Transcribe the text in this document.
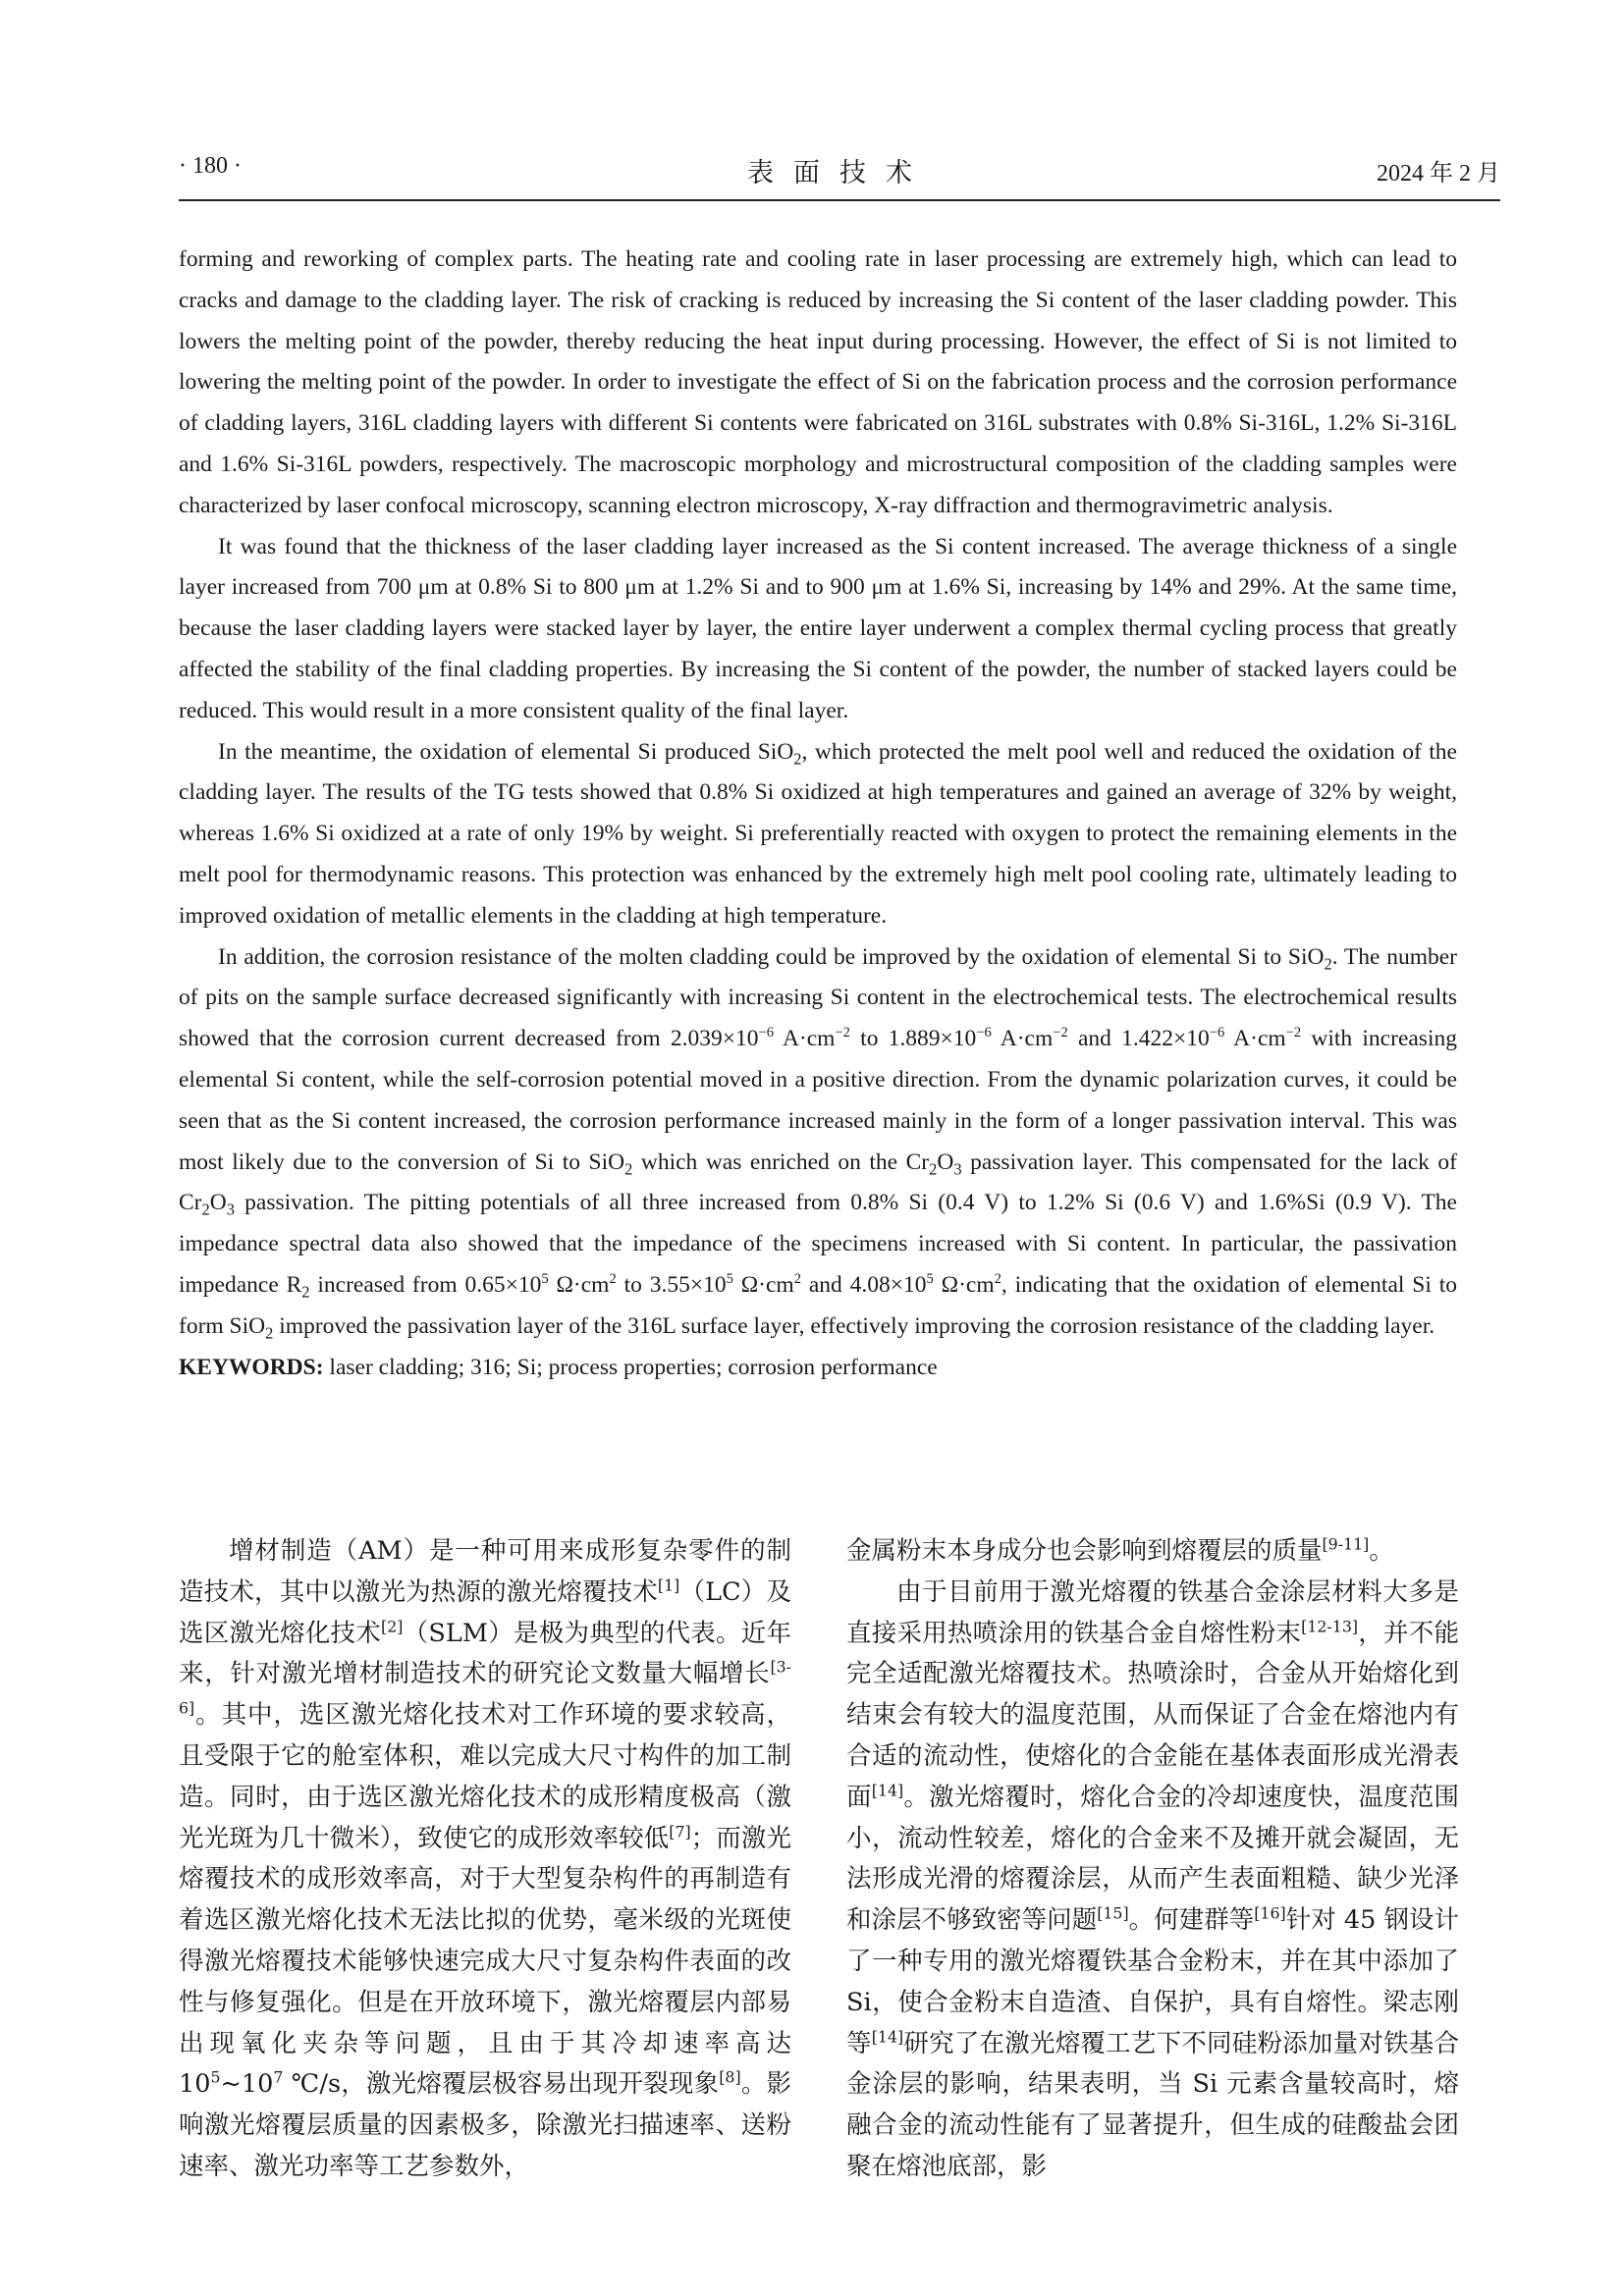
· 180 ·	表面技术	2024 年 2 月

forming and reworking of complex parts. The heating rate and cooling rate in laser processing are extremely high, which can lead to cracks and damage to the cladding layer. The risk of cracking is reduced by increasing the Si content of the laser cladding powder. This lowers the melting point of the powder, thereby reducing the heat input during processing. However, the effect of Si is not limited to lowering the melting point of the powder. In order to investigate the effect of Si on the fabrication process and the corrosion performance of cladding layers, 316L cladding layers with different Si contents were fabricated on 316L substrates with 0.8% Si-316L, 1.2% Si-316L and 1.6% Si-316L powders, respectively. The macroscopic morphology and microstructural composition of the cladding samples were characterized by laser confocal microscopy, scanning electron microscopy, X-ray diffraction and thermogravimetric analysis.

It was found that the thickness of the laser cladding layer increased as the Si content increased. The average thickness of a single layer increased from 700 μm at 0.8% Si to 800 μm at 1.2% Si and to 900 μm at 1.6% Si, increasing by 14% and 29%. At the same time, because the laser cladding layers were stacked layer by layer, the entire layer underwent a complex thermal cycling process that greatly affected the stability of the final cladding properties. By increasing the Si content of the powder, the number of stacked layers could be reduced. This would result in a more consistent quality of the final layer.

In the meantime, the oxidation of elemental Si produced SiO$_2$, which protected the melt pool well and reduced the oxidation of the cladding layer. The results of the TG tests showed that 0.8% Si oxidized at high temperatures and gained an average of 32% by weight, whereas 1.6% Si oxidized at a rate of only 19% by weight. Si preferentially reacted with oxygen to protect the remaining elements in the melt pool for thermodynamic reasons. This protection was enhanced by the extremely high melt pool cooling rate, ultimately leading to improved oxidation of metallic elements in the cladding at high temperature.

In addition, the corrosion resistance of the molten cladding could be improved by the oxidation of elemental Si to SiO$_2$. The number of pits on the sample surface decreased significantly with increasing Si content in the electrochemical tests. The electrochemical results showed that the corrosion current decreased from $2.039\times 10^{-6}$ $A\cdot cm^{-2}$ to $1.889\times 10^{-6}$ $A\cdot cm^{-2}$ and $1.422\times 10^{-6}$ $A\cdot cm^{-2}$ with increasing elemental Si content, while the self-corrosion potential moved in a positive direction. From the dynamic polarization curves, it could be seen that as the Si content increased, the corrosion performance increased mainly in the form of a longer passivation interval. This was most likely due to the conversion of Si to SiO$_2$ which was enriched on the $Cr_2O_3$ passivation layer. This compensated for the lack of $Cr_2O_3$ passivation. The pitting potentials of all three increased from 0.8% Si (0.4 V) to 1.2% Si (0.6 V) and 1.6%Si (0.9 V). The impedance spectral data also showed that the impedance of the specimens increased with Si content. In particular, the passivation impedance $R_2$ increased from $0.65\times 10^5$ $\Omega\cdot cm^2$ to $3.55\times 10^5$ $\Omega\cdot cm^2$ and $4.08\times 10^5$ $\Omega\cdot cm^2$, indicating that the oxidation of elemental Si to form SiO$_2$ improved the passivation layer of the 316L surface layer, effectively improving the corrosion resistance of the cladding layer.

KEYWORDS: laser cladding; 316; Si; process properties; corrosion performance

增材制造（AM）是一种可用来成形复杂零件的制造技术，其中以激光为热源的激光熔覆技术[1]（LC）及选区激光熔化技术[2]（SLM）是极为典型的代表。近年来，针对激光增材制造技术的研究论文数量大幅增长[3-6]。其中，选区激光熔化技术对工作环境的要求较高，且受限于它的舱室体积，难以完成大尺寸构件的加工制造。同时，由于选区激光熔化技术的成形精度极高（激光光斑为几十微米），致使它的成形效率较低[7]；而激光熔覆技术的成形效率高，对于大型复杂构件的再制造有着选区激光熔化技术无法比拟的优势，毫米级的光斑使得激光熔覆技术能够快速完成大尺寸复杂构件表面的改性与修复强化。但是在开放环境下，激光熔覆层内部易出现氧化夹杂等问题，且由于其冷却速率高达 $10^5\sim 10^7$ ℃/s，激光熔覆层极容易出现开裂现象[8]。影响激光熔覆层质量的因素极多，除激光扫描速率、送粉速率、激光功率等工艺参数外，

金属粉末本身成分也会影响到熔覆层的质量[9-11]。

由于目前用于激光熔覆的铁基合金涂层材料大多是直接采用热喷涂用的铁基合金自熔性粉末[12-13]，并不能完全适配激光熔覆技术。热喷涂时，合金从开始熔化到结束会有较大的温度范围，从而保证了合金在熔池内有合适的流动性，使熔化的合金能在基体表面形成光滑表面[14]。激光熔覆时，熔化合金的冷却速度快，温度范围小，流动性较差，熔化的合金来不及摊开就会凝固，无法形成光滑的熔覆涂层，从而产生表面粗糙、缺少光泽和涂层不够致密等问题[15]。何建群等[16]针对 45 钢设计了一种专用的激光熔覆铁基合金粉末，并在其中添加了 Si，使合金粉末自造渣、自保护，具有自熔性。梁志刚等[14]研究了在激光熔覆工艺下不同硅粉添加量对铁基合金涂层的影响，结果表明，当 Si 元素含量较高时，熔融合金的流动性能有了显著提升，但生成的硅酸盐会团聚在熔池底部，影
